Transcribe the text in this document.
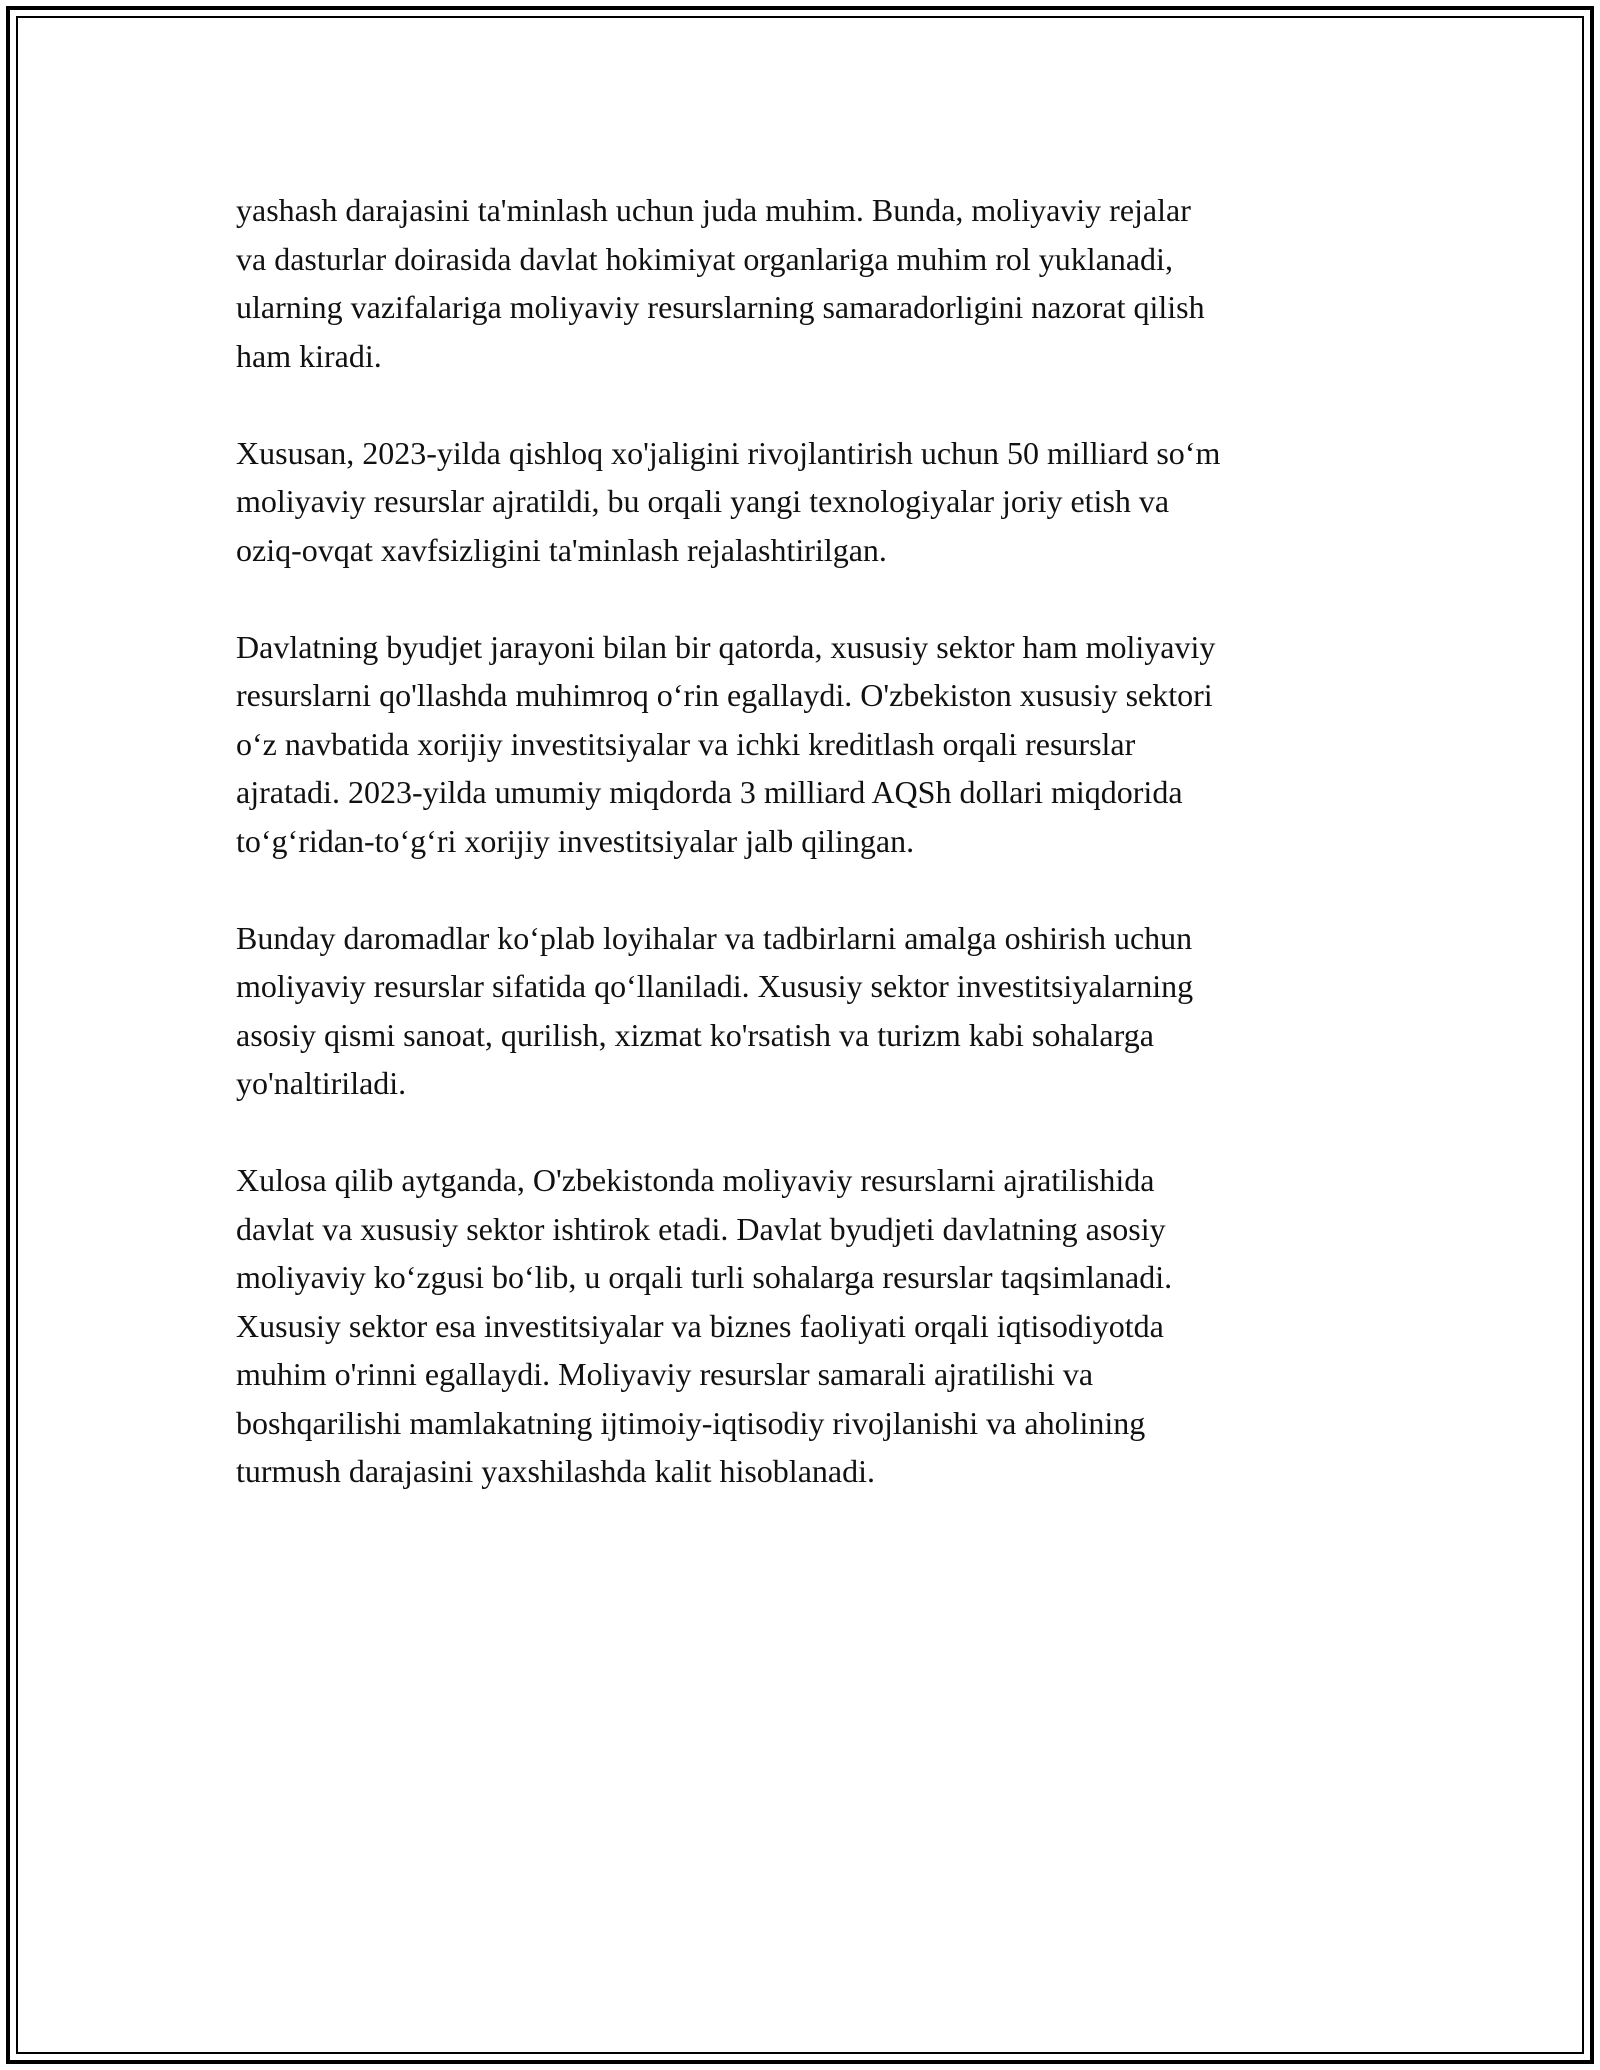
yashash darajasini ta'minlash uchun juda muhim. Bunda, moliyaviy rejalar
va dasturlar doirasida davlat hokimiyat organlariga muhim rol yuklanadi,
ularning vazifalariga moliyaviy resurslarning samaradorligini nazorat qilish
ham kiradi.

Xususan, 2023-yilda qishloq xo'jaligini rivojlantirish uchun 50 milliard so‘m
moliyaviy resurslar ajratildi, bu orqali yangi texnologiyalar joriy etish va
oziq-ovqat xavfsizligini ta'minlash rejalashtirilgan.

Davlatning byudjet jarayoni bilan bir qatorda, xususiy sektor ham moliyaviy
resurslarni qo'llashda muhimroq o‘rin egallaydi. O'zbekiston xususiy sektori
o‘z navbatida xorijiy investitsiyalar va ichki kreditlash orqali resurslar
ajratadi. 2023-yilda umumiy miqdorda 3 milliard AQSh dollari miqdorida
to‘g‘ridan-to‘g‘ri xorijiy investitsiyalar jalb qilingan.

Bunday daromadlar ko‘plab loyihalar va tadbirlarni amalga oshirish uchun
moliyaviy resurslar sifatida qo‘llaniladi. Xususiy sektor investitsiyalarning
asosiy qismi sanoat, qurilish, xizmat ko'rsatish va turizm kabi sohalarga
yo'naltiriladi.

Xulosa qilib aytganda, O'zbekistonda moliyaviy resurslarni ajratilishida
davlat va xususiy sektor ishtirok etadi. Davlat byudjeti davlatning asosiy
moliyaviy ko‘zgusi bo‘lib, u orqali turli sohalarga resurslar taqsimlanadi.
Xususiy sektor esa investitsiyalar va biznes faoliyati orqali iqtisodiyotda
muhim o'rinni egallaydi. Moliyaviy resurslar samarali ajratilishi va
boshqarilishi mamlakatning ijtimoiy-iqtisodiy rivojlanishi va aholining
turmush darajasini yaxshilashda kalit hisoblanadi.
